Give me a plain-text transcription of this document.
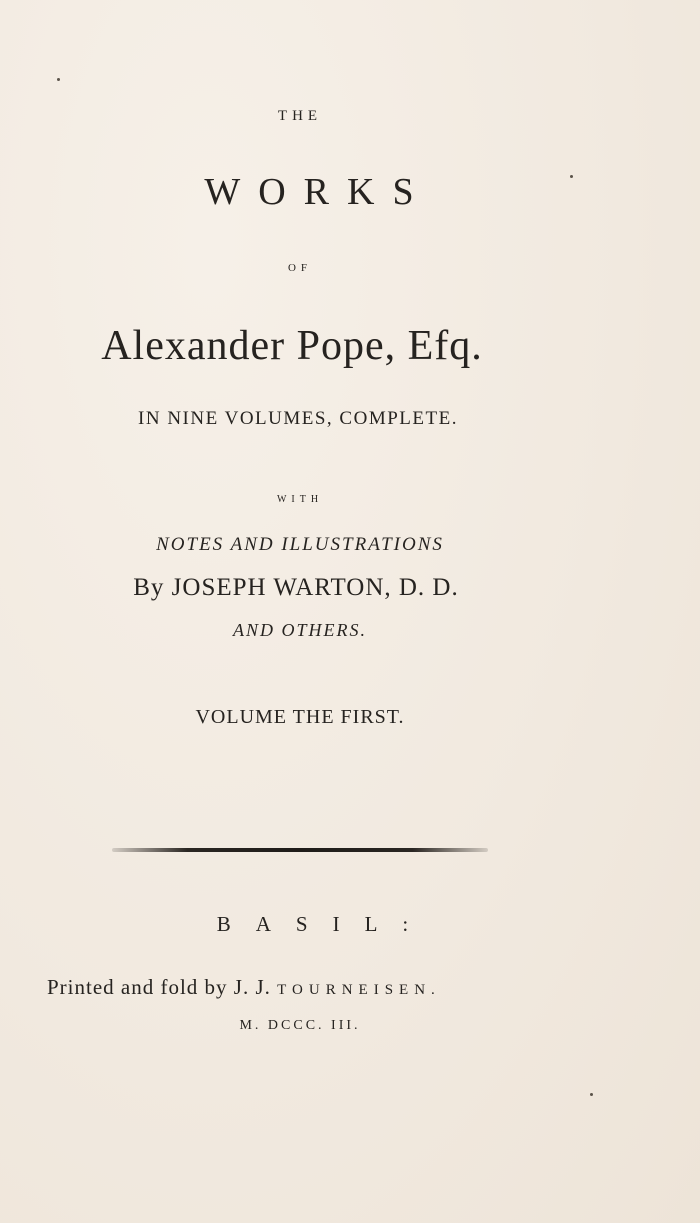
THE
WORKS
OF
Alexander Pope, Efq.
IN NINE VOLUMES, COMPLETE.
WITH
NOTES AND ILLUSTRATIONS
By JOSEPH WARTON, D. D.
AND OTHERS.
VOLUME THE FIRST.
BASIL:
Printed and fold by J. J. TOURNEISEN.
M. DCCC. III.
